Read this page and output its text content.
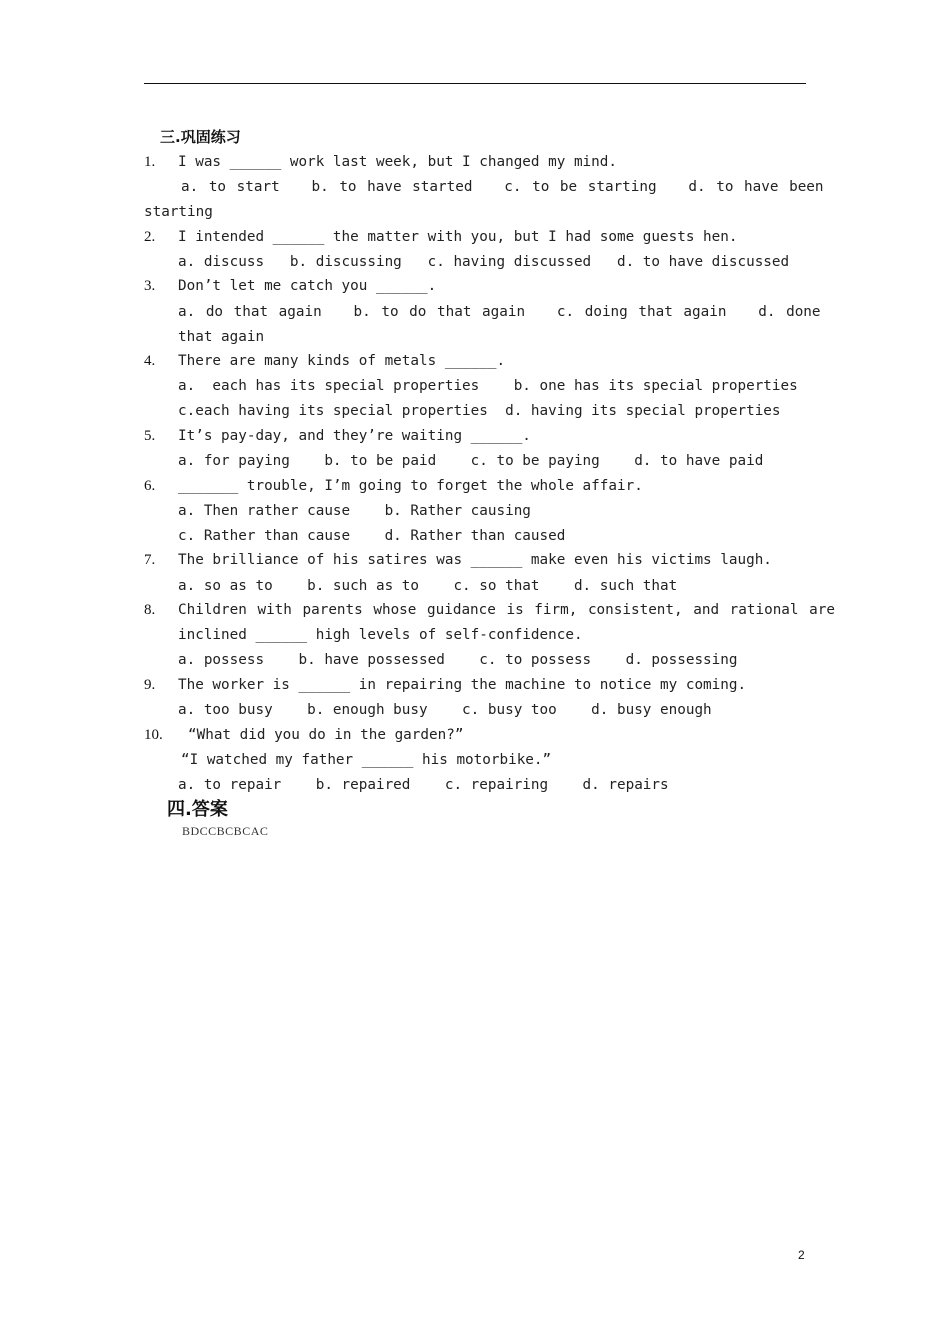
三.巩固练习
1. I was ______ work last week, but I changed my mind.
a. to start   b. to have started   c. to be starting   d. to have been
starting
2. I intended ______ the matter with you, but I had some guests hen.
a. discuss   b. discussing   c. having discussed   d. to have discussed
3. Don’t let me catch you ______.
a. do that again   b. to do that again   c. doing that again   d. done
that again
4. There are many kinds of metals ______.
a.  each has its special properties    b. one has its special properties
c.each having its special properties  d. having its special properties
5. It’s pay-day, and they’re waiting ______.
a. for paying    b. to be paid    c. to be paying    d. to have paid
6. _______ trouble, I’m going to forget the whole affair.
a. Then rather cause    b. Rather causing
c. Rather than cause    d. Rather than caused
7. The brilliance of his satires was ______ make even his victims laugh.
a. so as to    b. such as to    c. so that    d. such that
8. Children with parents whose guidance is firm, consistent, and rational are
inclined ______ high levels of self-confidence.
a. possess    b. have possessed    c. to possess    d. possessing
9. The worker is ______ in repairing the machine to notice my coming.
a. too busy    b. enough busy    c. busy too    d. busy enough
10. “What did you do in the garden?”
“I watched my father ______ his motorbike.”
a. to repair    b. repaired    c. repairing    d. repairs
四.答案
BDCCBCBCAC
2
